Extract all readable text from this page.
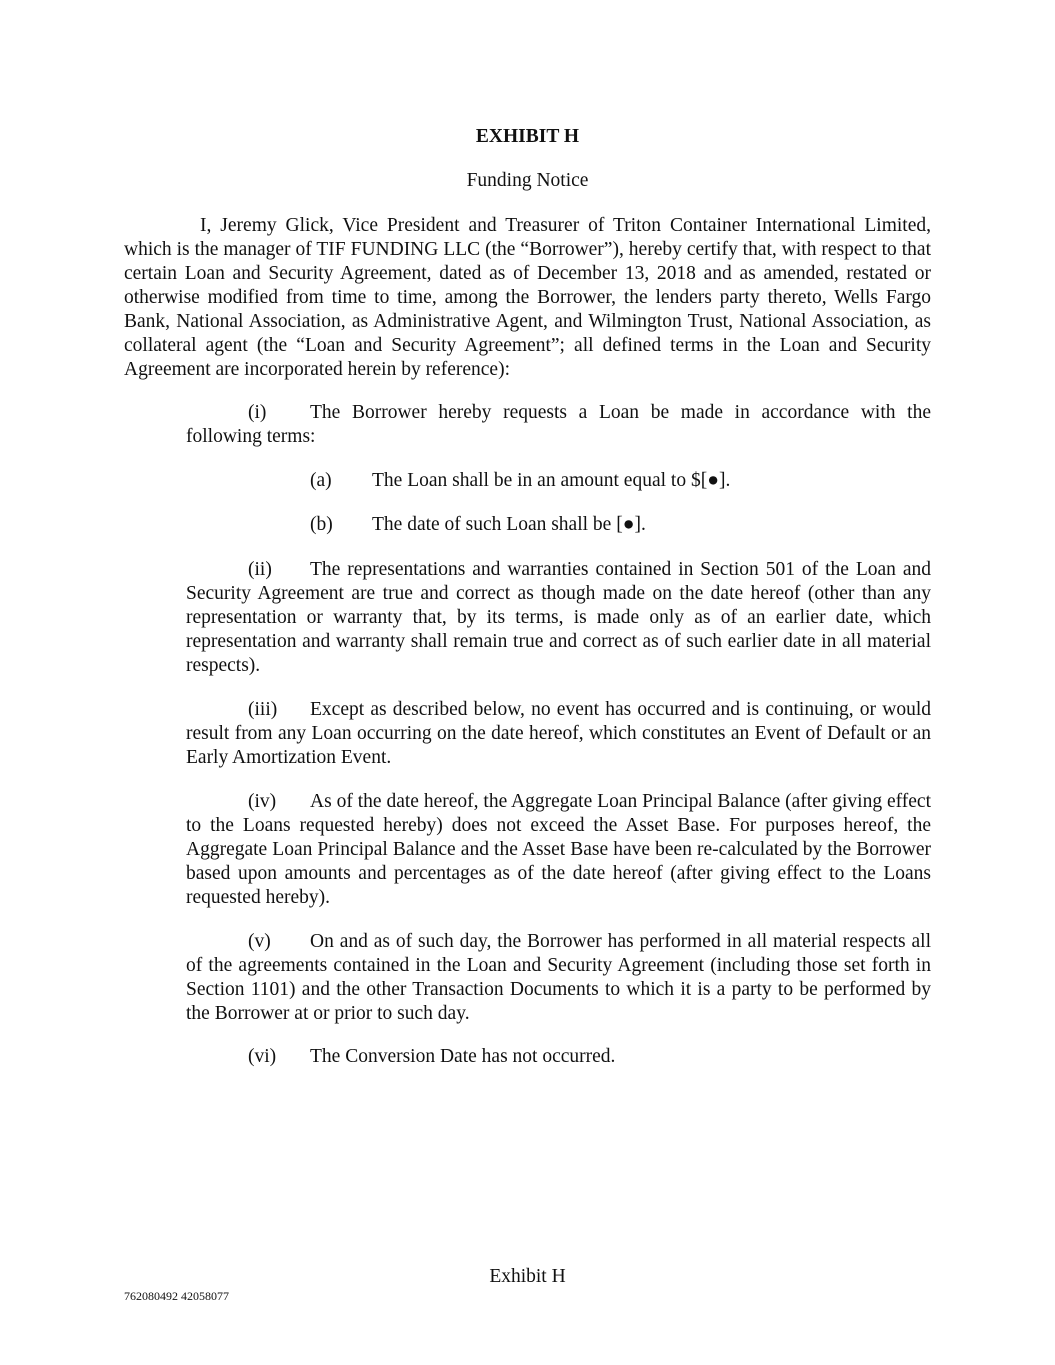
EXHIBIT H
Funding Notice

I, Jeremy Glick, Vice President and Treasurer of Triton Container International Limited, which is the manager of TIF FUNDING LLC (the “Borrower”), hereby certify that, with respect to that certain Loan and Security Agreement, dated as of December 13, 2018 and as amended, restated or otherwise modified from time to time, among the Borrower, the lenders party thereto, Wells Fargo Bank, National Association, as Administrative Agent, and Wilmington Trust, National Association, as collateral agent (the “Loan and Security Agreement”; all defined terms in the Loan and Security Agreement are incorporated herein by reference):

(i) The Borrower hereby requests a Loan be made in accordance with the following terms:

(a) The Loan shall be in an amount equal to $[●].

(b) The date of such Loan shall be [●].

(ii) The representations and warranties contained in Section 501 of the Loan and Security Agreement are true and correct as though made on the date hereof (other than any representation or warranty that, by its terms, is made only as of an earlier date, which representation and warranty shall remain true and correct as of such earlier date in all material respects).

(iii) Except as described below, no event has occurred and is continuing, or would result from any Loan occurring on the date hereof, which constitutes an Event of Default or an Early Amortization Event.

(iv) As of the date hereof, the Aggregate Loan Principal Balance (after giving effect to the Loans requested hereby) does not exceed the Asset Base. For purposes hereof, the Aggregate Loan Principal Balance and the Asset Base have been re-calculated by the Borrower based upon amounts and percentages as of the date hereof (after giving effect to the Loans requested hereby).

(v) On and as of such day, the Borrower has performed in all material respects all of the agreements contained in the Loan and Security Agreement (including those set forth in Section 1101) and the other Transaction Documents to which it is a party to be performed by the Borrower at or prior to such day.

(vi) The Conversion Date has not occurred.

Exhibit H
762080492 42058077
